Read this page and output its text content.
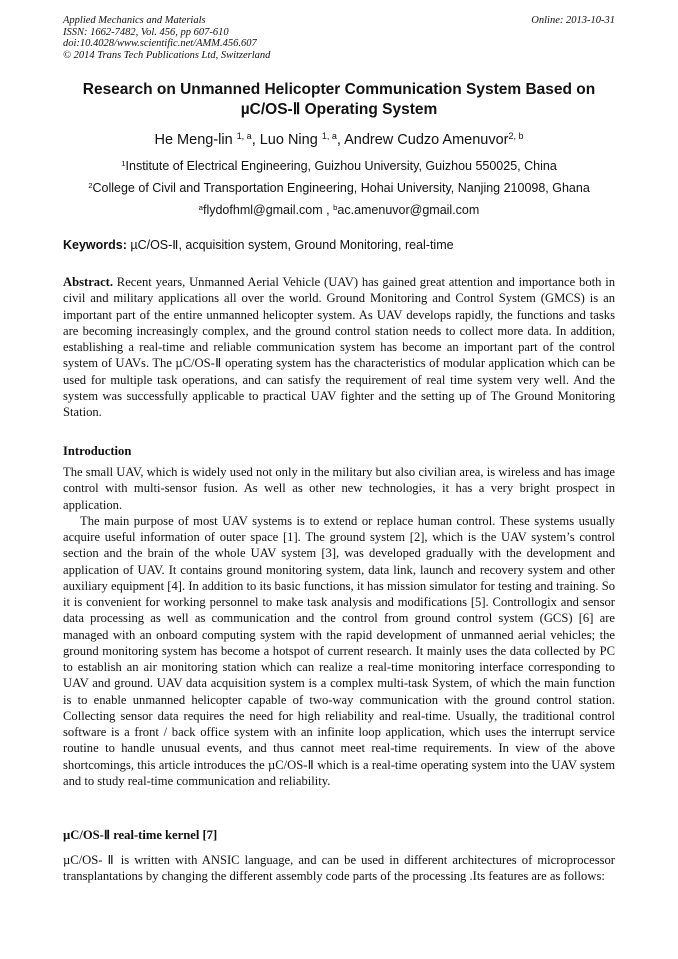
Applied Mechanics and Materials
ISSN: 1662-7482, Vol. 456, pp 607-610
doi:10.4028/www.scientific.net/AMM.456.607
© 2014 Trans Tech Publications Ltd, Switzerland
Online: 2013-10-31
Research on Unmanned Helicopter Communication System Based on
µC/OS-Ⅱ Operating System
He Meng-lin $^{1, a}$, Luo Ning $^{1, a}$, Andrew Cudzo Amenuvor$^{2, b}$
$^1$Institute of Electrical Engineering, Guizhou University, Guizhou 550025, China
$^2$College of Civil and Transportation Engineering, Hohai University, Nanjing 210098, Ghana
$^a$flydofhml@gmail.com , $^b$ac.amenuvor@gmail.com
Keywords: µC/OS-Ⅱ, acquisition system, Ground Monitoring, real-time
Abstract. Recent years, Unmanned Aerial Vehicle (UAV) has gained great attention and importance both in civil and military applications all over the world. Ground Monitoring and Control System (GMCS) is an important part of the entire unmanned helicopter system. As UAV develops rapidly, the functions and tasks are becoming increasingly complex, and the ground control station needs to collect more data. In addition, establishing a real-time and reliable communication system has become an important part of the control system of UAVs. The µC/OS-Ⅱ operating system has the characteristics of modular application which can be used for multiple task operations, and can satisfy the requirement of real time system very well. And the system was successfully applicable to practical UAV fighter and the setting up of The Ground Monitoring Station.
Introduction

The small UAV, which is widely used not only in the military but also civilian area, is wireless and has image control with multi-sensor fusion. As well as other new technologies, it has a very bright prospect in application.

The main purpose of most UAV systems is to extend or replace human control. These systems usually acquire useful information of outer space [1]. The ground system [2], which is the UAV system’s control section and the brain of the whole UAV system [3], was developed gradually with the development and application of UAV. It contains ground monitoring system, data link, launch and recovery system and other auxiliary equipment [4]. In addition to its basic functions, it has mission simulator for testing and training. So it is convenient for working personnel to make task analysis and modifications [5]. Controllogix and sensor data processing as well as communication and the control from ground control system (GCS) [6] are managed with an onboard computing system with the rapid development of unmanned aerial vehicles; the ground monitoring system has become a hotspot of current research. It mainly uses the data collected by PC to establish an air monitoring station which can realize a real-time monitoring interface corresponding to UAV and ground. UAV data acquisition system is a complex multi-task System, of which the main function is to enable unmanned helicopter capable of two-way communication with the ground control station. Collecting sensor data requires the need for high reliability and real-time. Usually, the traditional control software is a front / back office system with an infinite loop application, which uses the interrupt service routine to handle unusual events, and thus cannot meet real-time requirements. In view of the above shortcomings, this article introduces the µC/OS-Ⅱ which is a real-time operating system into the UAV system and to study real-time communication and reliability.

µC/OS-Ⅱ real-time kernel [7]

µC/OS- Ⅱ is written with ANSIC language, and can be used in different architectures of microprocessor transplantations by changing the different assembly code parts of the processing .Its features are as follows:
